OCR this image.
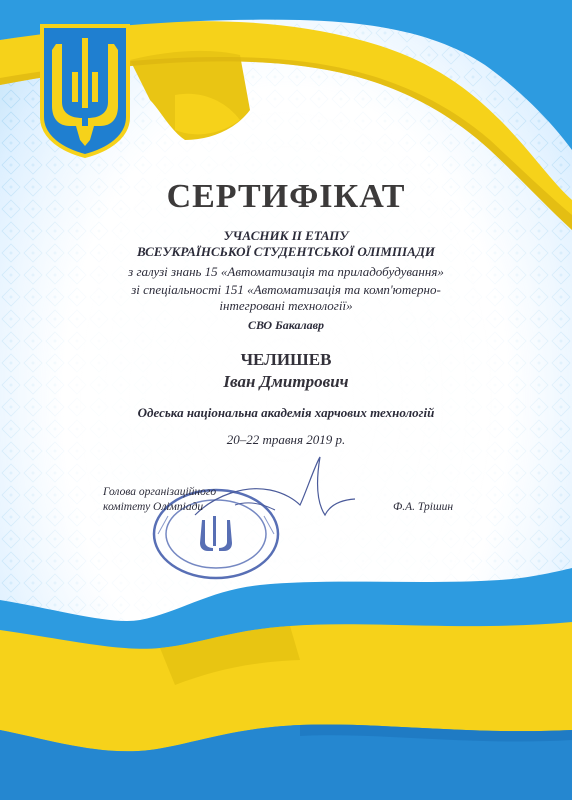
СЕРТИФІКАТ
УЧАСНИК ІІ ЕТАПУ
ВСЕУКРАЇНСЬКОЇ СТУДЕНТСЬКОЇ ОЛІМПІАДИ
з галузі знань 15 «Автоматизація та приладобудування»
зі спеціальності 151 «Автоматизація та комп'ютерно-
інтегровані технології»
СВО Бакалавр
ЧЕЛИШЕВ
Іван Дмитрович
Одеська національна академія харчових технологій
20–22 травня 2019 р.
Голова організаційного
комітету Олімпіади	Ф.А. Трішин
